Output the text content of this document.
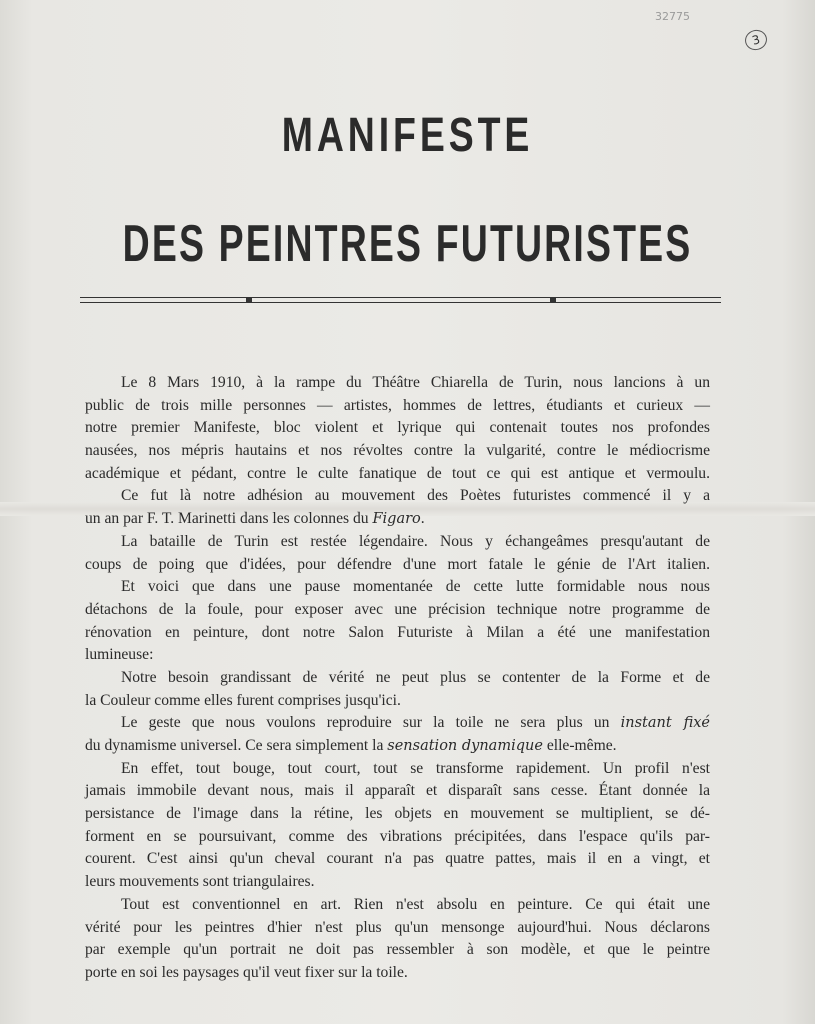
32775
3
MANIFESTE
DES PEINTRES FUTURISTES
Le 8 Mars 1910, à la rampe du Théâtre Chiarella de Turin, nous lancions à un
public de trois mille personnes — artistes, hommes de lettres, étudiants et curieux —
notre premier Manifeste, bloc violent et lyrique qui contenait toutes nos profondes
nausées, nos mépris hautains et nos révoltes contre la vulgarité, contre le médiocrisme
académique et pédant, contre le culte fanatique de tout ce qui est antique et vermoulu.
Ce fut là notre adhésion au mouvement des Poètes futuristes commencé il y a
un an par F. T. Marinetti dans les colonnes du Figaro.
La bataille de Turin est restée légendaire. Nous y échangeâmes presqu'autant de
coups de poing que d'idées, pour défendre d'une mort fatale le génie de l'Art italien.
Et voici que dans une pause momentanée de cette lutte formidable nous nous
détachons de la foule, pour exposer avec une précision technique notre programme de
rénovation en peinture, dont notre Salon Futuriste à Milan a été une manifestation
lumineuse:
Notre besoin grandissant de vérité ne peut plus se contenter de la Forme et de
la Couleur comme elles furent comprises jusqu'ici.
Le geste que nous voulons reproduire sur la toile ne sera plus un instant fixé
du dynamisme universel. Ce sera simplement la sensation dynamique elle-même.
En effet, tout bouge, tout court, tout se transforme rapidement. Un profil n'est
jamais immobile devant nous, mais il apparaît et disparaît sans cesse. Étant donnée la
persistance de l'image dans la rétine, les objets en mouvement se multiplient, se dé-
forment en se poursuivant, comme des vibrations précipitées, dans l'espace qu'ils par-
courent. C'est ainsi qu'un cheval courant n'a pas quatre pattes, mais il en a vingt, et
leurs mouvements sont triangulaires.
Tout est conventionnel en art. Rien n'est absolu en peinture. Ce qui était une
vérité pour les peintres d'hier n'est plus qu'un mensonge aujourd'hui. Nous déclarons
par exemple qu'un portrait ne doit pas ressembler à son modèle, et que le peintre
porte en soi les paysages qu'il veut fixer sur la toile.
